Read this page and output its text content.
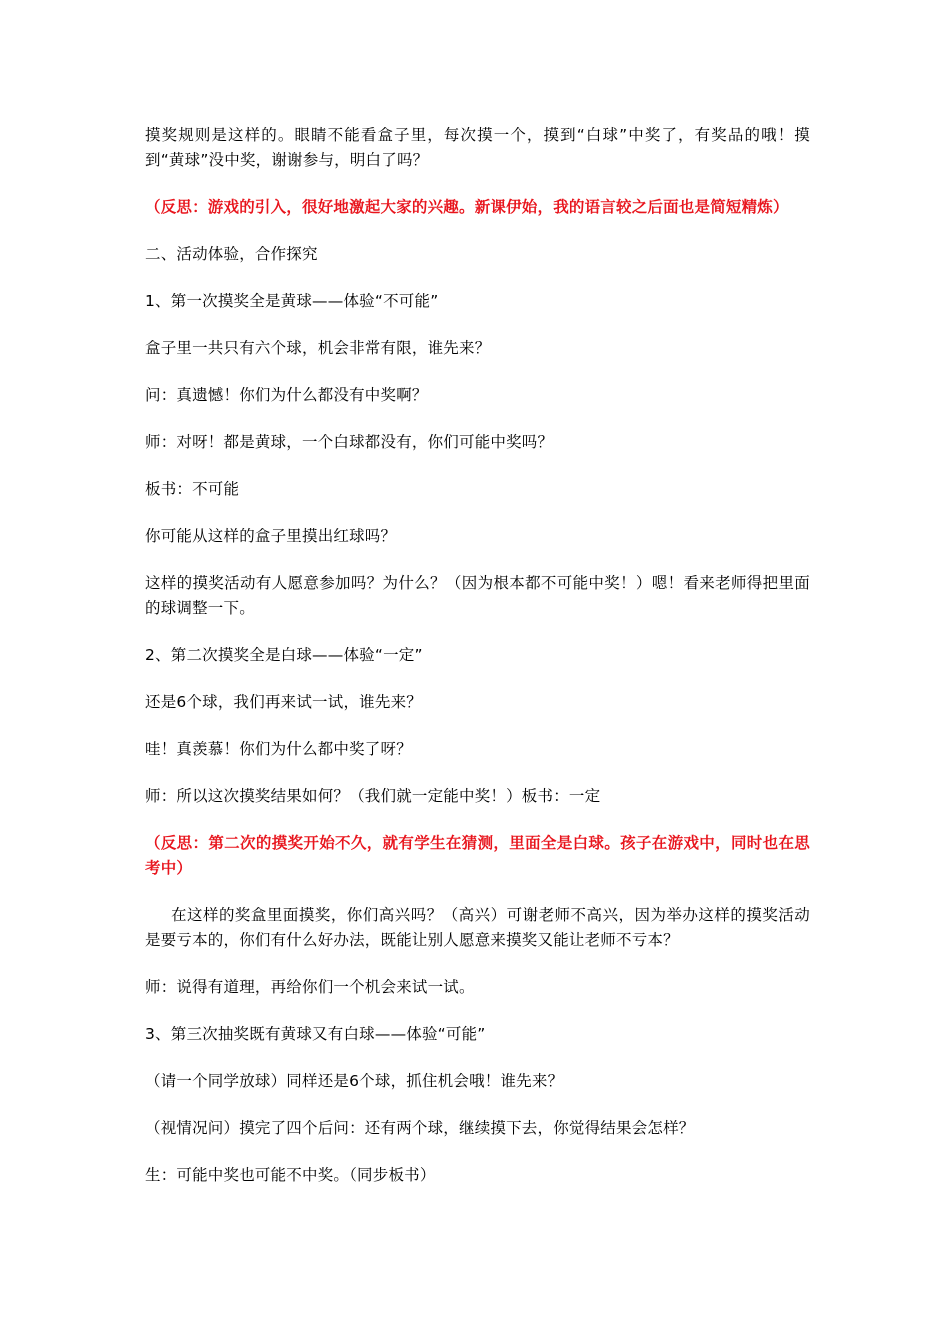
摸奖规则是这样的。眼睛不能看盒子里，每次摸一个，摸到“白球”中奖了，有奖品的哦！摸到“黄球”没中奖，谢谢参与，明白了吗？

（反思：游戏的引入，很好地激起大家的兴趣。新课伊始，我的语言较之后面也是简短精炼）

二、活动体验，合作探究

1、第一次摸奖全是黄球——体验“不可能”

盒子里一共只有六个球，机会非常有限，谁先来？

问：真遗憾！你们为什么都没有中奖啊？

师：对呀！都是黄球，一个白球都没有，你们可能中奖吗？

板书：不可能

你可能从这样的盒子里摸出红球吗？

这样的摸奖活动有人愿意参加吗？为什么？（因为根本都不可能中奖！）嗯！看来老师得把里面的球调整一下。

2、第二次摸奖全是白球——体验“一定”

还是6个球，我们再来试一试，谁先来？

哇！真羡慕！你们为什么都中奖了呀？

师：所以这次摸奖结果如何？（我们就一定能中奖！）板书：一定

（反思：第二次的摸奖开始不久，就有学生在猜测，里面全是白球。孩子在游戏中，同时也在思考中）

在这样的奖盒里面摸奖，你们高兴吗？（高兴）可谢老师不高兴，因为举办这样的摸奖活动是要亏本的，你们有什么好办法，既能让别人愿意来摸奖又能让老师不亏本？

师：说得有道理，再给你们一个机会来试一试。

3、第三次抽奖既有黄球又有白球——体验“可能”

（请一个同学放球）同样还是6个球，抓住机会哦！谁先来？

（视情况问）摸完了四个后问：还有两个球，继续摸下去，你觉得结果会怎样？

生：可能中奖也可能不中奖。（同步板书）
